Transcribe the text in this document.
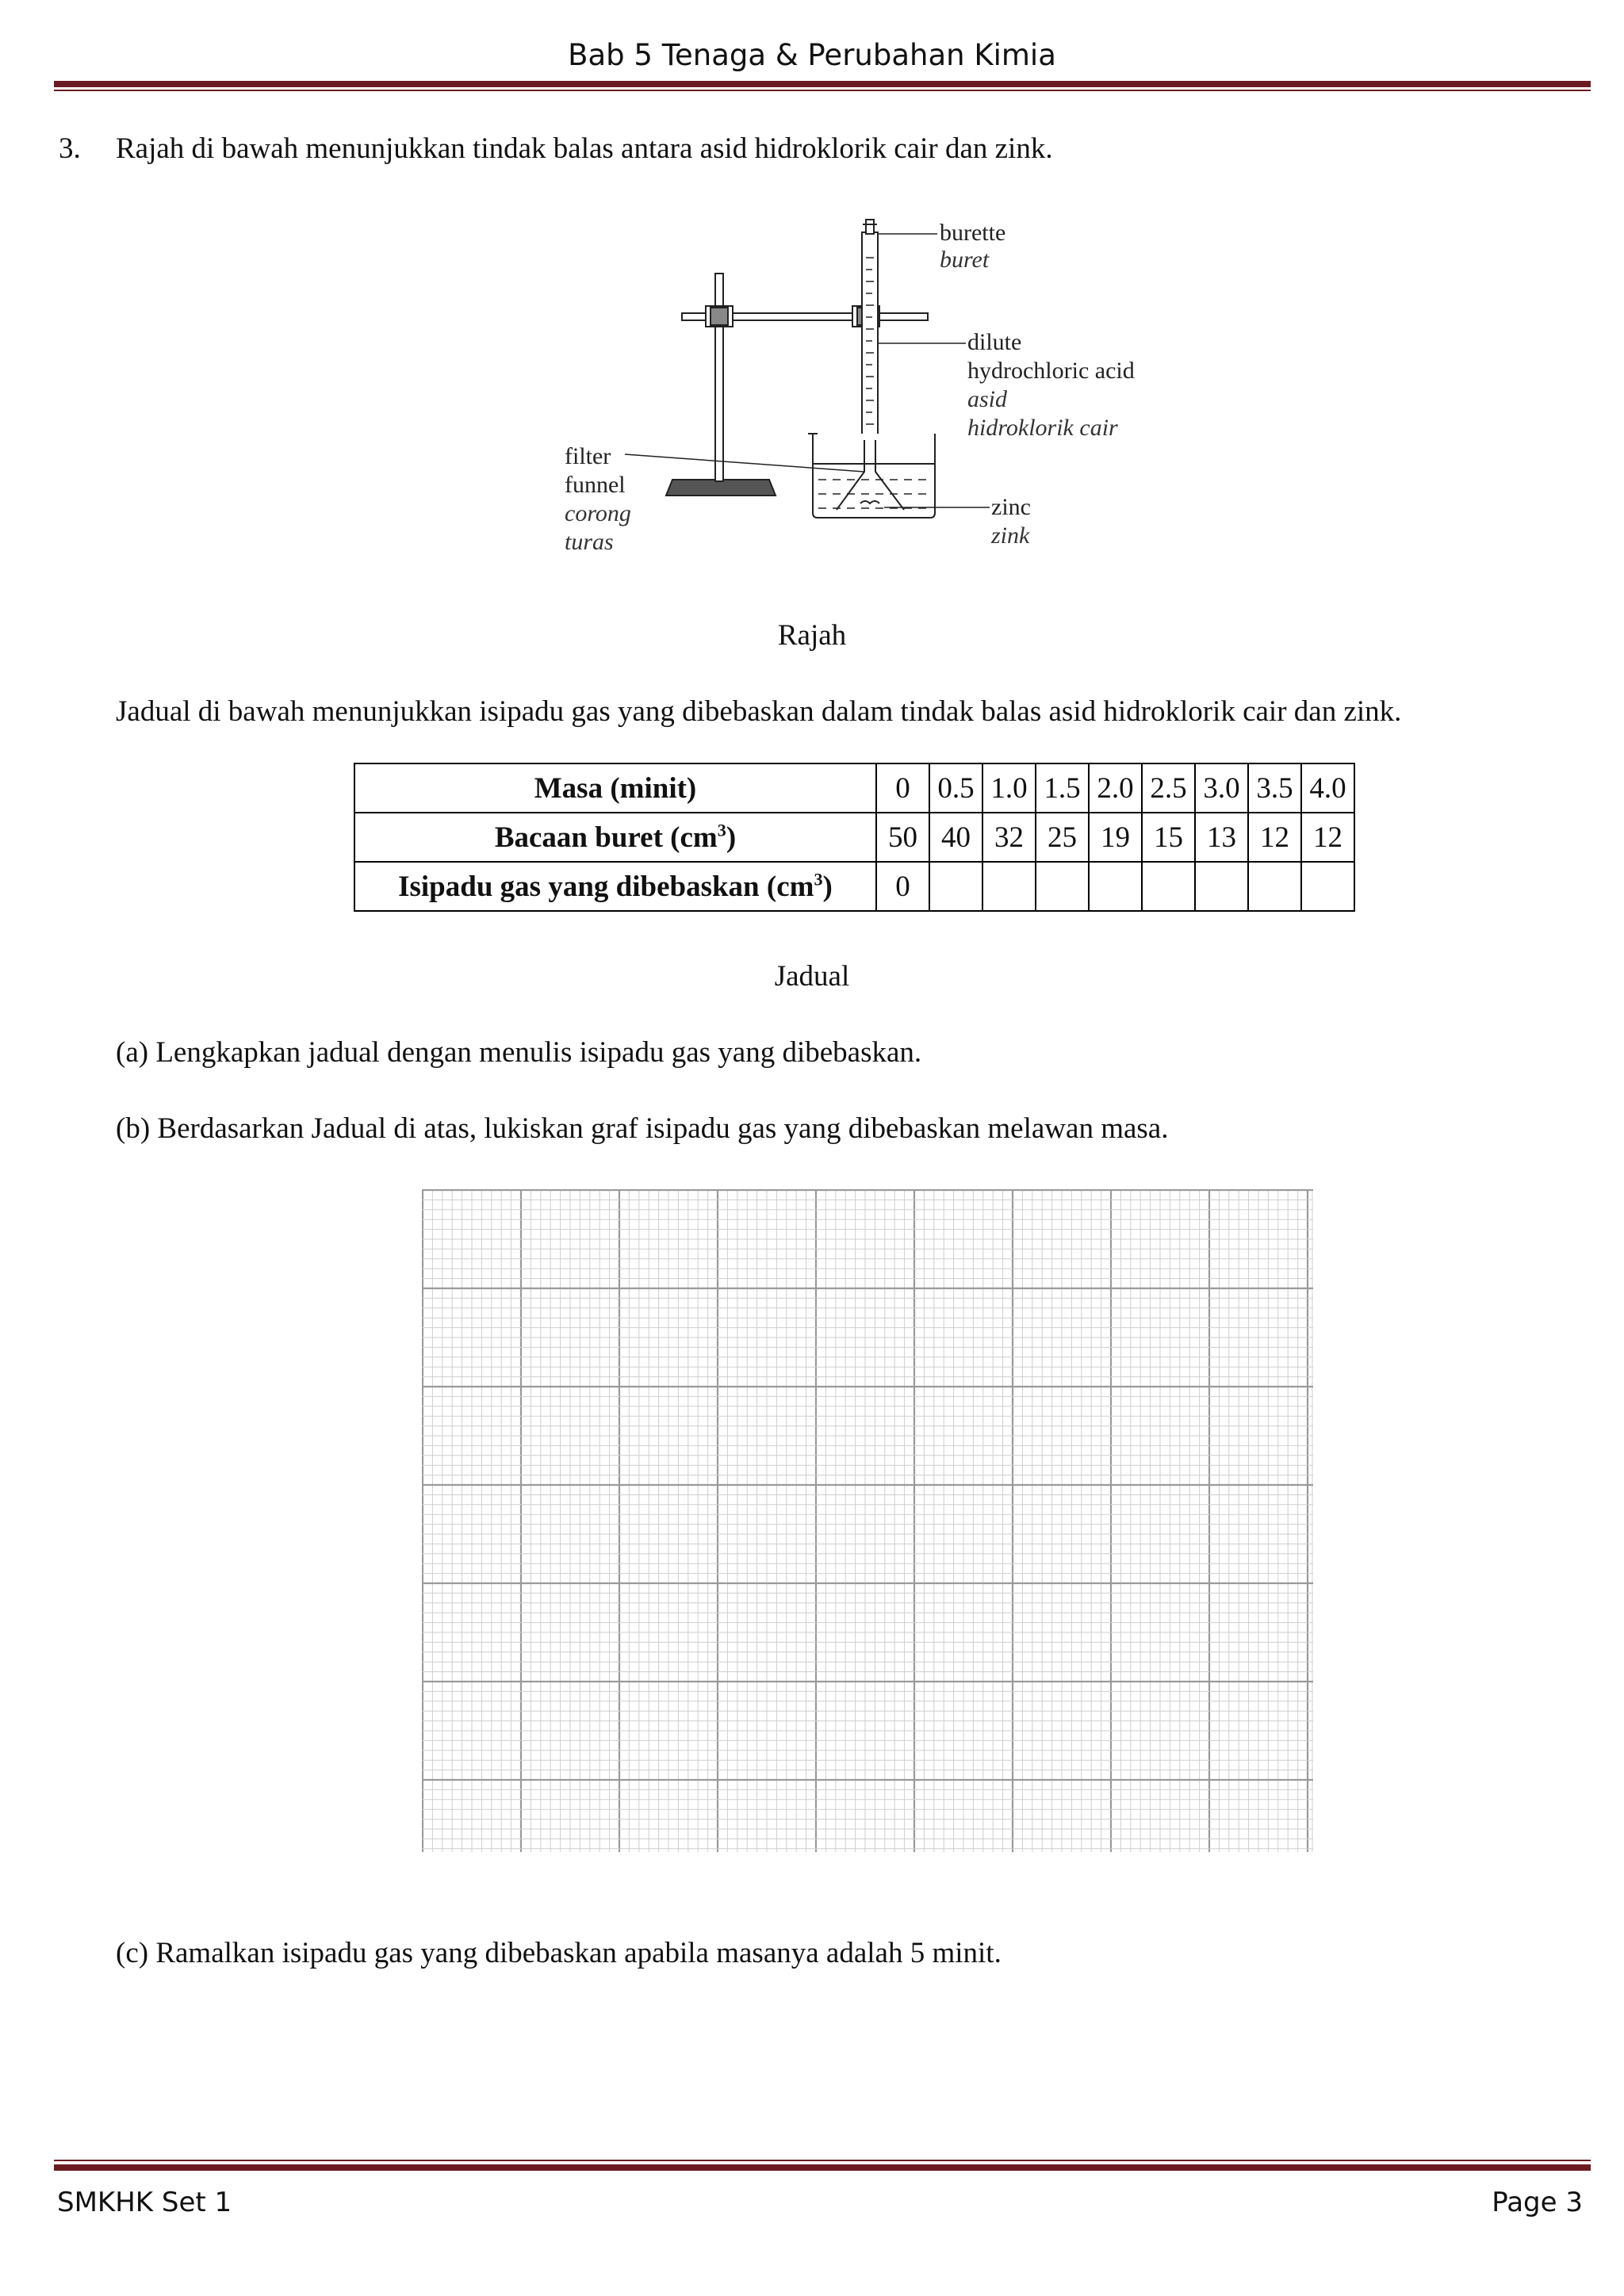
Bab 5 Tenaga & Perubahan Kimia
3. Rajah di bawah menunjukkan tindak balas antara asid hidroklorik cair dan zink.
burette
buret
dilute
hydrochloric acid
asid
hidroklorik cair
filter
funnel
corong
turas
zinc
zink
Rajah
Jadual di bawah menunjukkan isipadu gas yang dibebaskan dalam tindak balas asid hidroklorik cair dan zink.
Masa (minit)	0	0.5	1.0	1.5	2.0	2.5	3.0	3.5	4.0
Bacaan buret $(cm^3)$	50	40	32	25	19	15	13	12	12
Isipadu gas yang dibebaskan $(cm^3)$	0								
Jadual
(a) Lengkapkan jadual dengan menulis isipadu gas yang dibebaskan.
(b) Berdasarkan Jadual di atas, lukiskan graf isipadu gas yang dibebaskan melawan masa.
(c) Ramalkan isipadu gas yang dibebaskan apabila masanya adalah 5 minit.
SMKHK Set 1	Page 3
